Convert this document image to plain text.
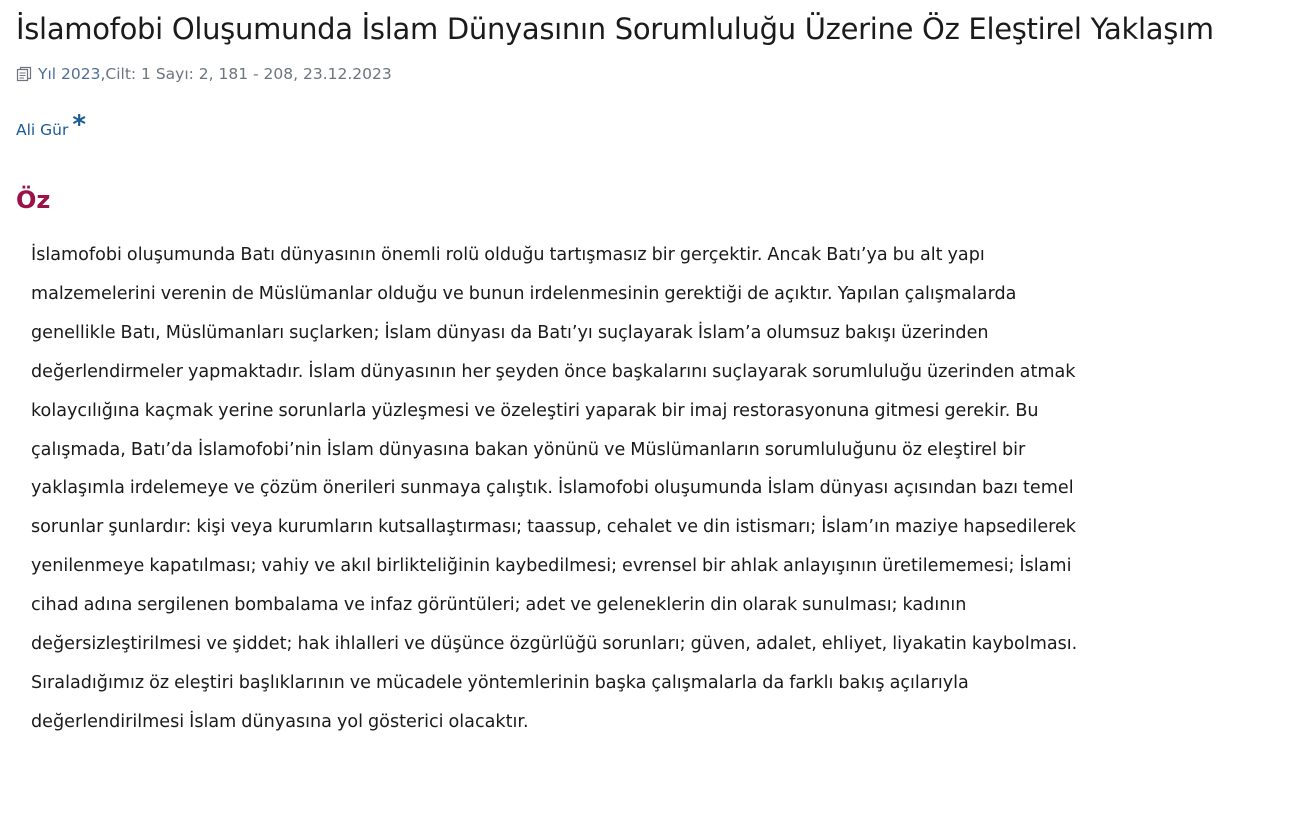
İslamofobi Oluşumunda İslam Dünyasının Sorumluluğu Üzerine Öz Eleştirel Yaklaşım
Yıl 2023, Cilt: 1 Sayı: 2, 181 - 208, 23.12.2023
Ali Gür *
Öz
İslamofobi oluşumunda Batı dünyasının önemli rolü olduğu tartışmasız bir gerçektir. Ancak Batı’ya bu alt yapı
malzemelerini verenin de Müslümanlar olduğu ve bunun irdelenmesinin gerektiği de açıktır. Yapılan çalışmalarda
genellikle Batı, Müslümanları suçlarken; İslam dünyası da Batı’yı suçlayarak İslam’a olumsuz bakışı üzerinden
değerlendirmeler yapmaktadır. İslam dünyasının her şeyden önce başkalarını suçlayarak sorumluluğu üzerinden atmak
kolaycılığına kaçmak yerine sorunlarla yüzleşmesi ve özeleştiri yaparak bir imaj restorasyonuna gitmesi gerekir. Bu
çalışmada, Batı’da İslamofobi’nin İslam dünyasına bakan yönünü ve Müslümanların sorumluluğunu öz eleştirel bir
yaklaşımla irdelemeye ve çözüm önerileri sunmaya çalıştık. İslamofobi oluşumunda İslam dünyası açısından bazı temel
sorunlar şunlardır: kişi veya kurumların kutsallaştırması; taassup, cehalet ve din istismarı; İslam’ın maziye hapsedilerek
yenilenmeye kapatılması; vahiy ve akıl birlikteliğinin kaybedilmesi; evrensel bir ahlak anlayışının üretilememesi; İslami
cihad adına sergilenen bombalama ve infaz görüntüleri; adet ve geleneklerin din olarak sunulması; kadının
değersizleştirilmesi ve şiddet; hak ihlalleri ve düşünce özgürlüğü sorunları; güven, adalet, ehliyet, liyakatin kaybolması.
Sıraladığımız öz eleştiri başlıklarının ve mücadele yöntemlerinin başka çalışmalarla da farklı bakış açılarıyla
değerlendirilmesi İslam dünyasına yol gösterici olacaktır.
